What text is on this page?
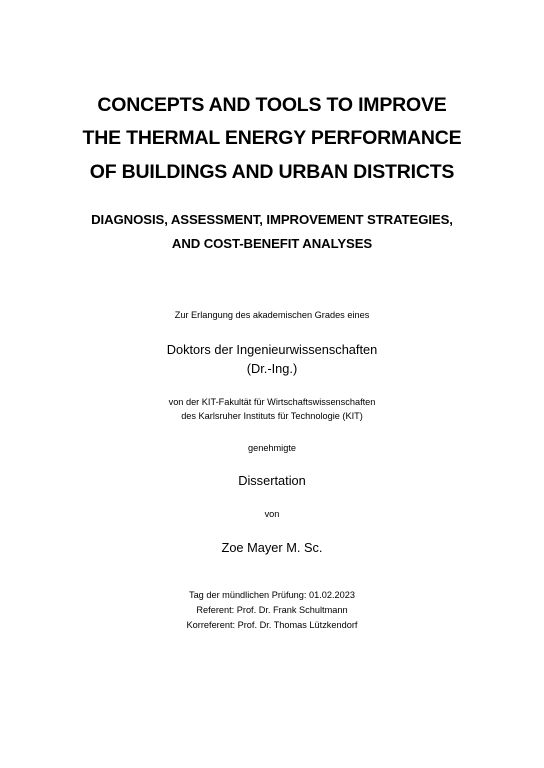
CONCEPTS AND TOOLS TO IMPROVE
THE THERMAL ENERGY PERFORMANCE
OF BUILDINGS AND URBAN DISTRICTS
DIAGNOSIS, ASSESSMENT, IMPROVEMENT STRATEGIES,
AND COST-BENEFIT ANALYSES
Zur Erlangung des akademischen Grades eines
Doktors der Ingenieurwissenschaften
(Dr.-Ing.)
von der KIT-Fakultät für Wirtschaftswissenschaften
des Karlsruher Instituts für Technologie (KIT)
genehmigte
Dissertation
von
Zoe Mayer M. Sc.
Tag der mündlichen Prüfung: 01.02.2023
Referent: Prof. Dr. Frank Schultmann
Korreferent: Prof. Dr. Thomas Lützkendorf
